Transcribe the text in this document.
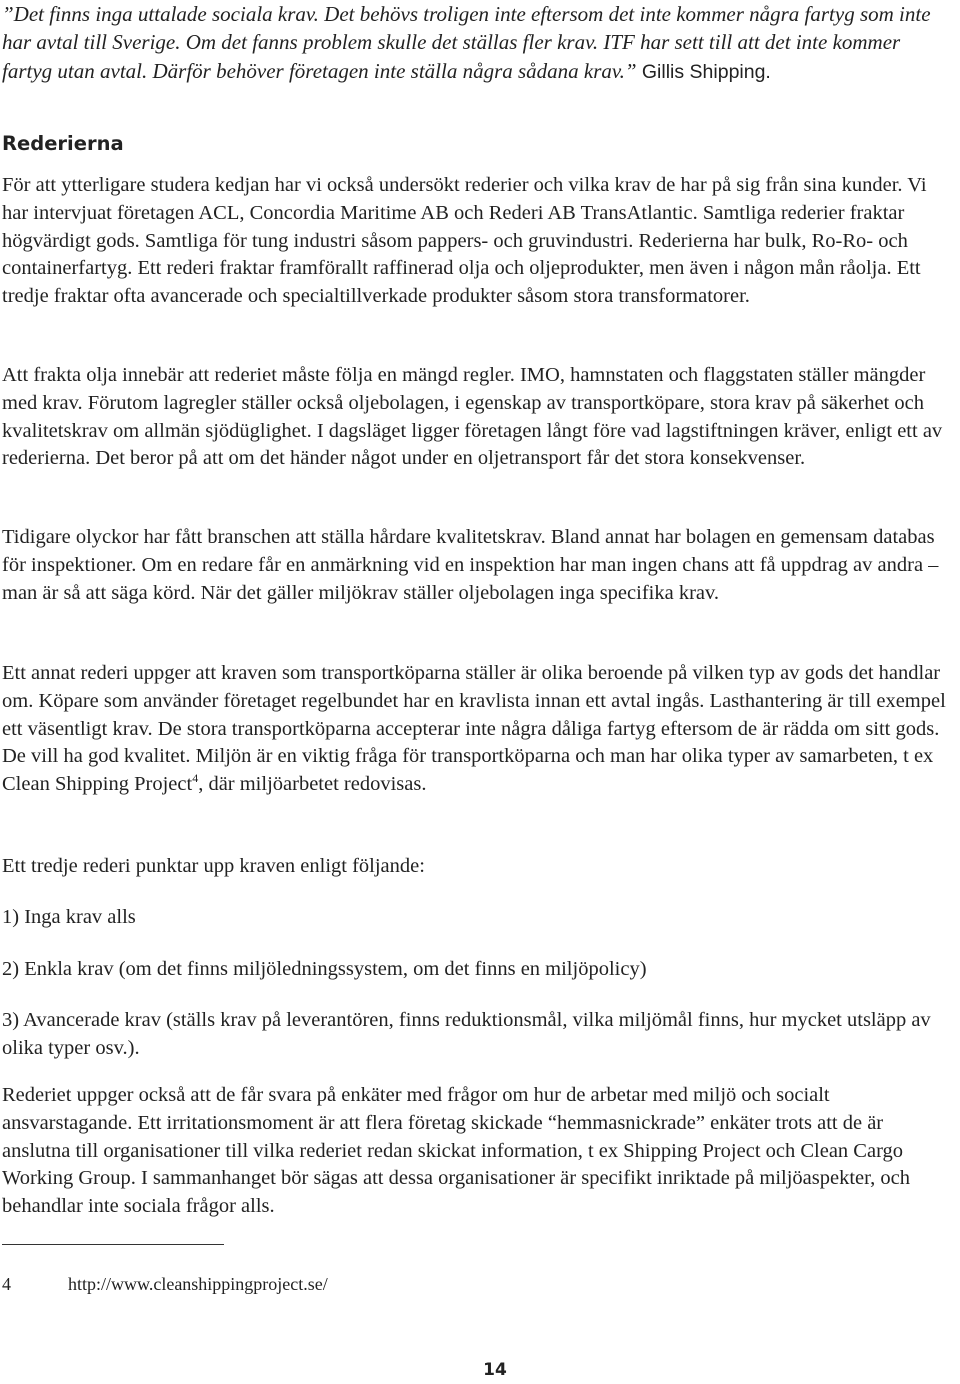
”Det finns inga uttalade sociala krav. Det behövs troligen inte eftersom det inte kommer några fartyg som inte har avtal till Sverige. Om det fanns problem skulle det ställas fler krav. ITF har sett till att det inte kommer fartyg utan avtal. Därför behöver företagen inte ställa några sådana krav.” Gillis Shipping.

Rederierna

För att ytterligare studera kedjan har vi också undersökt rederier och vilka krav de har på sig från sina kunder. Vi har intervjuat företagen ACL, Concordia Maritime AB och Rederi AB TransAtlantic. Samtliga rederier fraktar högvärdigt gods. Samtliga för tung industri såsom pappers- och gruvindustri. Rederierna har bulk, Ro-Ro- och containerfartyg. Ett rederi fraktar framförallt raffinerad olja och oljeprodukter, men även i någon mån råolja. Ett tredje fraktar ofta avancerade och specialtillverkade produkter såsom stora transformatorer.

Att frakta olja innebär att rederiet måste följa en mängd regler. IMO, hamnstaten och flaggstaten ställer mängder med krav. Förutom lagregler ställer också oljebolagen, i egenskap av transportköpare, stora krav på säkerhet och kvalitetskrav om allmän sjödüglighet. I dagsläget ligger företagen långt före vad lagstiftningen kräver, enligt ett av rederierna. Det beror på att om det händer något under en oljetransport får det stora konsekvenser.

Tidigare olyckor har fått branschen att ställa hårdare kvalitetskrav. Bland annat har bolagen en gemensam databas för inspektioner. Om en redare får en anmärkning vid en inspektion har man ingen chans att få uppdrag av andra – man är så att säga körd. När det gäller miljökrav ställer oljebolagen inga specifika krav.

Ett annat rederi uppger att kraven som transportköparna ställer är olika beroende på vilken typ av gods det handlar om. Köpare som använder företaget regelbundet har en kravlista innan ett avtal ingås. Lasthantering är till exempel ett väsentligt krav. De stora transportköparna accepterar inte några dåliga fartyg eftersom de är rädda om sitt gods. De vill ha god kvalitet. Miljön är en viktig fråga för transportköparna och man har olika typer av samarbeten, t ex Clean Shipping Project$^4$, där miljöarbetet redovisas.

Ett tredje rederi punktar upp kraven enligt följande:

1) Inga krav alls

2) Enkla krav (om det finns miljöledningssystem, om det finns en miljöpolicy)

3) Avancerade krav (ställs krav på leverantören, finns reduktionsmål, vilka miljömål finns, hur mycket utsläpp av olika typer osv.).

Rederiet uppger också att de får svara på enkäter med frågor om hur de arbetar med miljö och socialt ansvarstagande. Ett irritationsmoment är att flera företag skickade “hemmasnickrade” enkäter trots att de är anslutna till organisationer till vilka rederiet redan skickat information, t ex Shipping Project och Clean Cargo Working Group. I sammanhanget bör sägas att dessa organisationer är specifikt inriktade på miljöaspekter, och behandlar inte sociala frågor alls.

4	http://www.cleanshippingproject.se/

14
